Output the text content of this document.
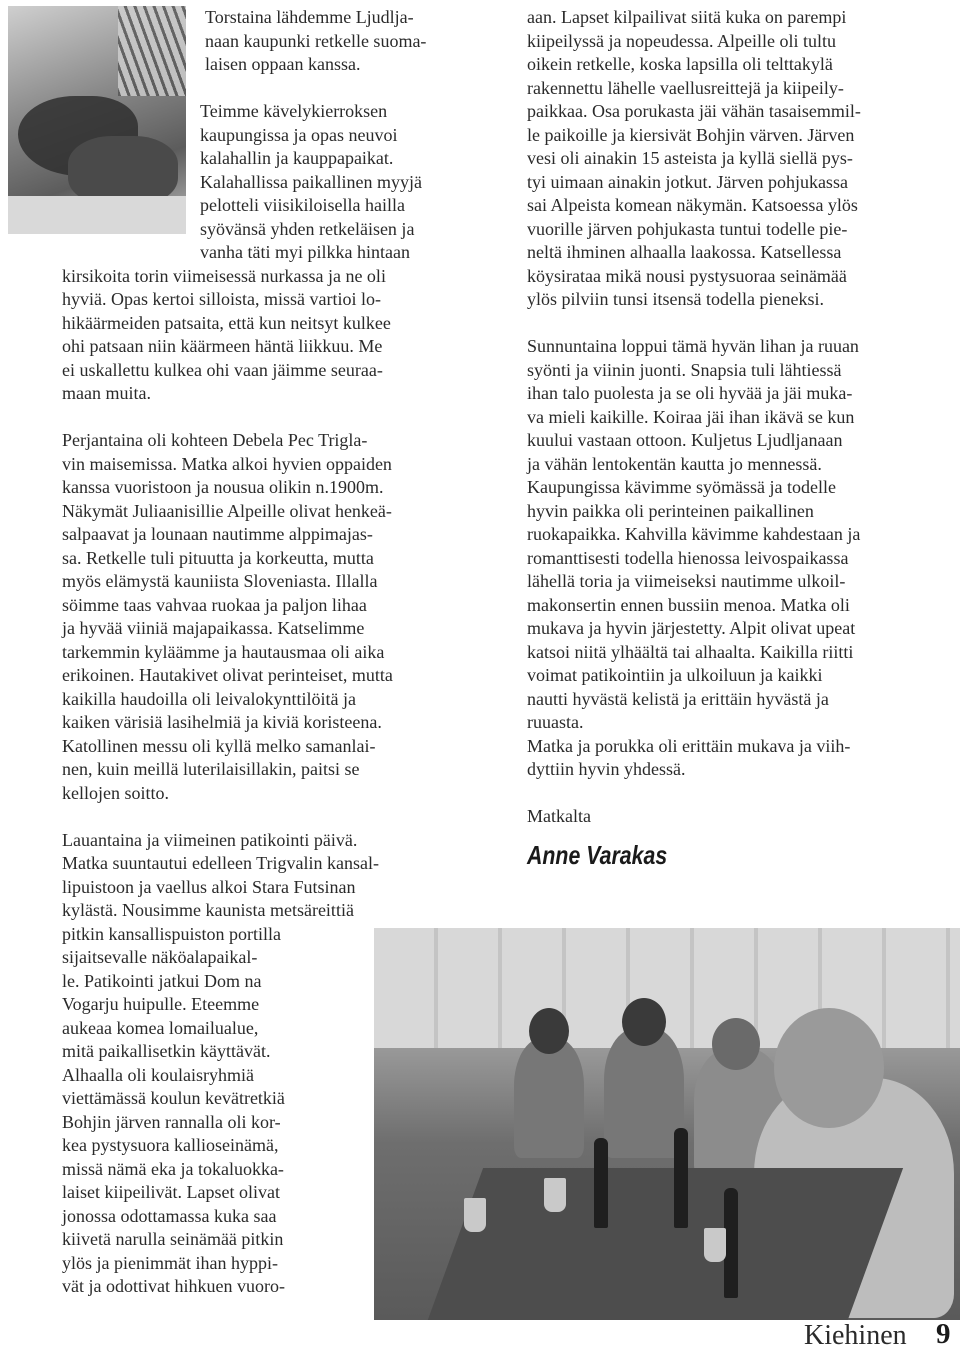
Torstaina lähdemme Ljudlja-
naan kaupunki retkelle suoma-
laisen oppaan kanssa.
Teimme kävelykierroksen
kaupungissa ja opas neuvoi
kalahallin ja kauppapaikat.
Kalahallissa paikallinen myyjä
pelotteli viisikiloisella hailla
syövänsä yhden retkeläisen ja
vanha täti myi pilkka hintaan
kirsikoita torin viimeisessä nurkassa ja ne oli
hyviä. Opas kertoi silloista, missä vartioi lo-
hikäärmeiden patsaita, että kun neitsyt kulkee
ohi patsaan niin käärmeen häntä liikkuu. Me
ei uskallettu kulkea ohi vaan jäimme seuraa-
maan muita.
Perjantaina oli kohteen Debela Pec Trigla-
vin maisemissa. Matka alkoi hyvien oppaiden
kanssa vuoristoon ja nousua olikin n.1900m.
Näkymät Juliaanisillie Alpeille olivat henkeä-
salpaavat ja lounaan nautimme alppimajas-
sa. Retkelle tuli pituutta ja korkeutta, mutta
myös elämystä kauniista Sloveniasta. Illalla
söimme taas vahvaa ruokaa ja paljon lihaa
ja hyvää viiniä majapaikassa. Katselimme
tarkemmin kyläämme ja hautausmaa oli aika
erikoinen. Hautakivet olivat perinteiset, mutta
kaikilla haudoilla oli leivalokynttilöitä ja
kaiken värisiä lasihelmiä ja kiviä koristeena.
Katollinen messu oli kyllä melko samanlai-
nen, kuin meillä luterilaisillakin, paitsi se
kellojen soitto.
Lauantaina ja viimeinen patikointi päivä.
Matka suuntautui edelleen Trigvalin kansal-
lipuistoon ja vaellus alkoi Stara Futsinan
kylästä. Nousimme kaunista metsäreittiä
pitkin kansallispuiston portilla
sijaitsevalle näköalapaikal-
le. Patikointi jatkui Dom na
Vogarju huipulle. Eteemme
aukeaa komea lomailualue,
mitä paikallisetkin käyttävät.
Alhaalla oli koulaisryhmiä
viettämässä koulun kevätretkiä
Bohjin järven rannalla oli kor-
kea pystysuora kallioseinämä,
missä nämä eka ja tokaluokka-
laiset kiipeilivät. Lapset olivat
jonossa odottamassa kuka saa
kiivetä narulla seinämää pitkin
ylös ja pienimmät ihan hyppi-
vät ja odottivat hihkuen vuoro-
aan. Lapset kilpailivat siitä kuka on parempi
kiipeilyssä ja nopeudessa. Alpeille oli tultu
oikein retkelle, koska lapsilla oli telttakylä
rakennettu lähelle vaellusreittejä ja kiipeily-
paikkaa. Osa porukasta jäi vähän tasaisemmil-
le paikoille ja kiersivät Bohjin värven. Järven
vesi oli ainakin 15 asteista ja kyllä siellä pys-
tyi uimaan ainakin jotkut. Järven pohjukassa
sai Alpeista komean näkymän. Katsoessa ylös
vuorille järven pohjukasta tuntui todelle pie-
neltä ihminen alhaalla laakossa. Katsellessa
köysirataa mikä nousi pystysuoraa seinämää
ylös pilviin tunsi itsensä todella pieneksi.
Sunnuntaina loppui tämä hyvän lihan ja ruuan
syönti ja viinin juonti. Snapsia tuli lähtiessä
ihan talo puolesta ja se oli hyvää ja jäi muka-
va mieli kaikille. Koiraa jäi ihan ikävä se kun
kuului vastaan ottoon. Kuljetus Ljudljanaan
ja vähän lentokentän kautta jo mennessä.
Kaupungissa kävimme syömässä ja todelle
hyvin paikka oli perinteinen paikallinen
ruokapaikka. Kahvilla kävimme kahdestaan ja
romanttisesti todella hienossa leivospaikassa
lähellä toria ja viimeiseksi nautimme ulkoil-
makonsertin ennen bussiin menoa. Matka oli
mukava ja hyvin järjestetty. Alpit olivat upeat
katsoi niitä ylhäältä tai alhaalta. Kaikilla riitti
voimat patikointiin ja ulkoiluun ja kaikki
nautti hyvästä kelistä ja erittäin hyvästä ja
ruuasta.
Matka ja porukka oli erittäin mukava ja viih-
dyttiin hyvin yhdessä.
Matkalta
Anne Varakas
Kiehinen 9
